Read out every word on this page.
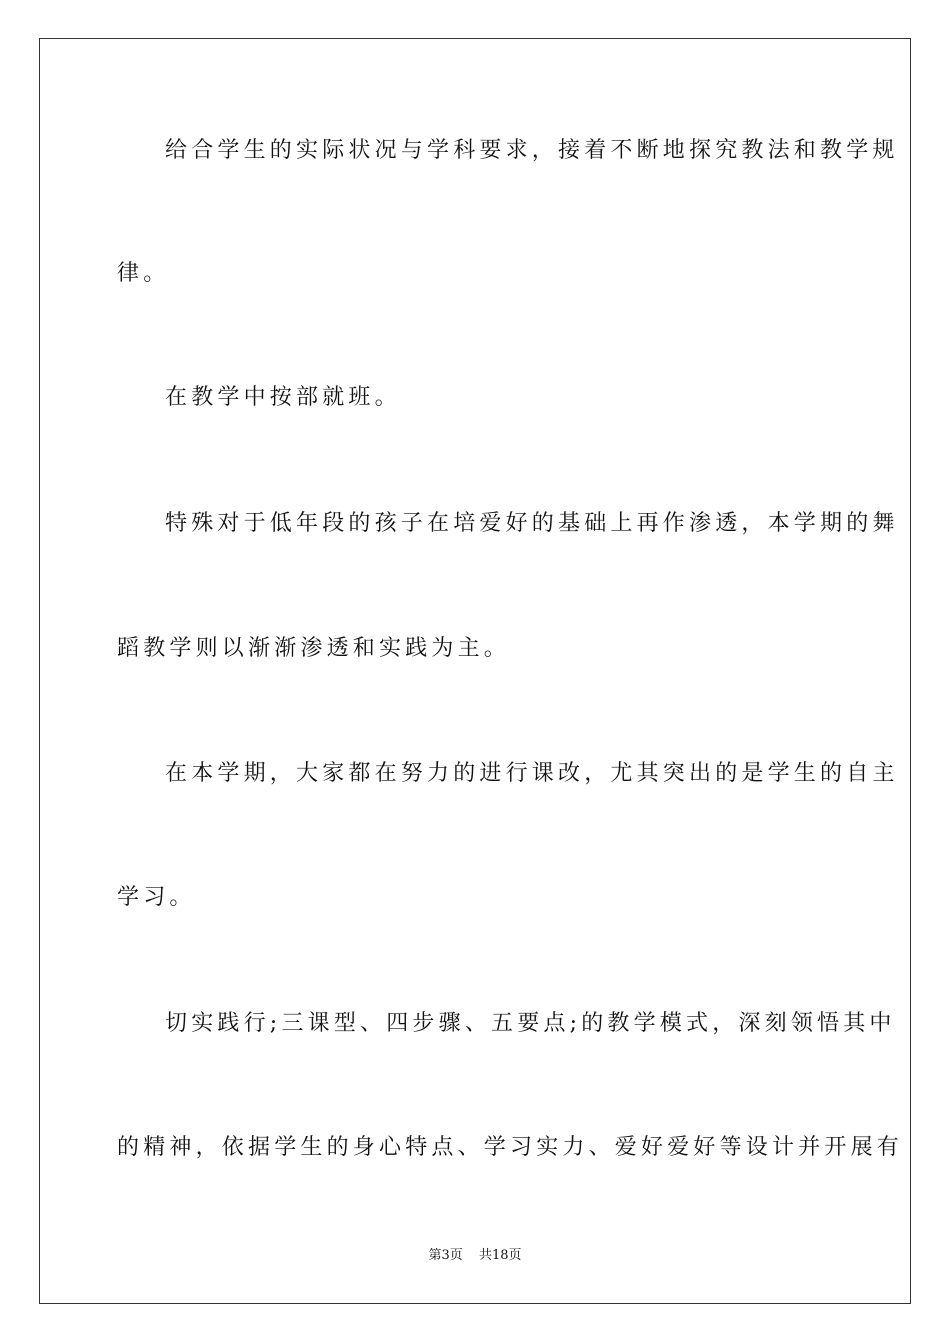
给合学生的实际状况与学科要求，接着不断地探究教法和教学规
律。
在教学中按部就班。
特殊对于低年段的孩子在培爱好的基础上再作渗透，本学期的舞
蹈教学则以渐渐渗透和实践为主。
在本学期，大家都在努力的进行课改，尤其突出的是学生的自主
学习。
切实践行;三课型、四步骤、五要点;的教学模式，深刻领悟其中
的精神，依据学生的身心特点、学习实力、爱好爱好等设计并开展有
第3页 共18页
